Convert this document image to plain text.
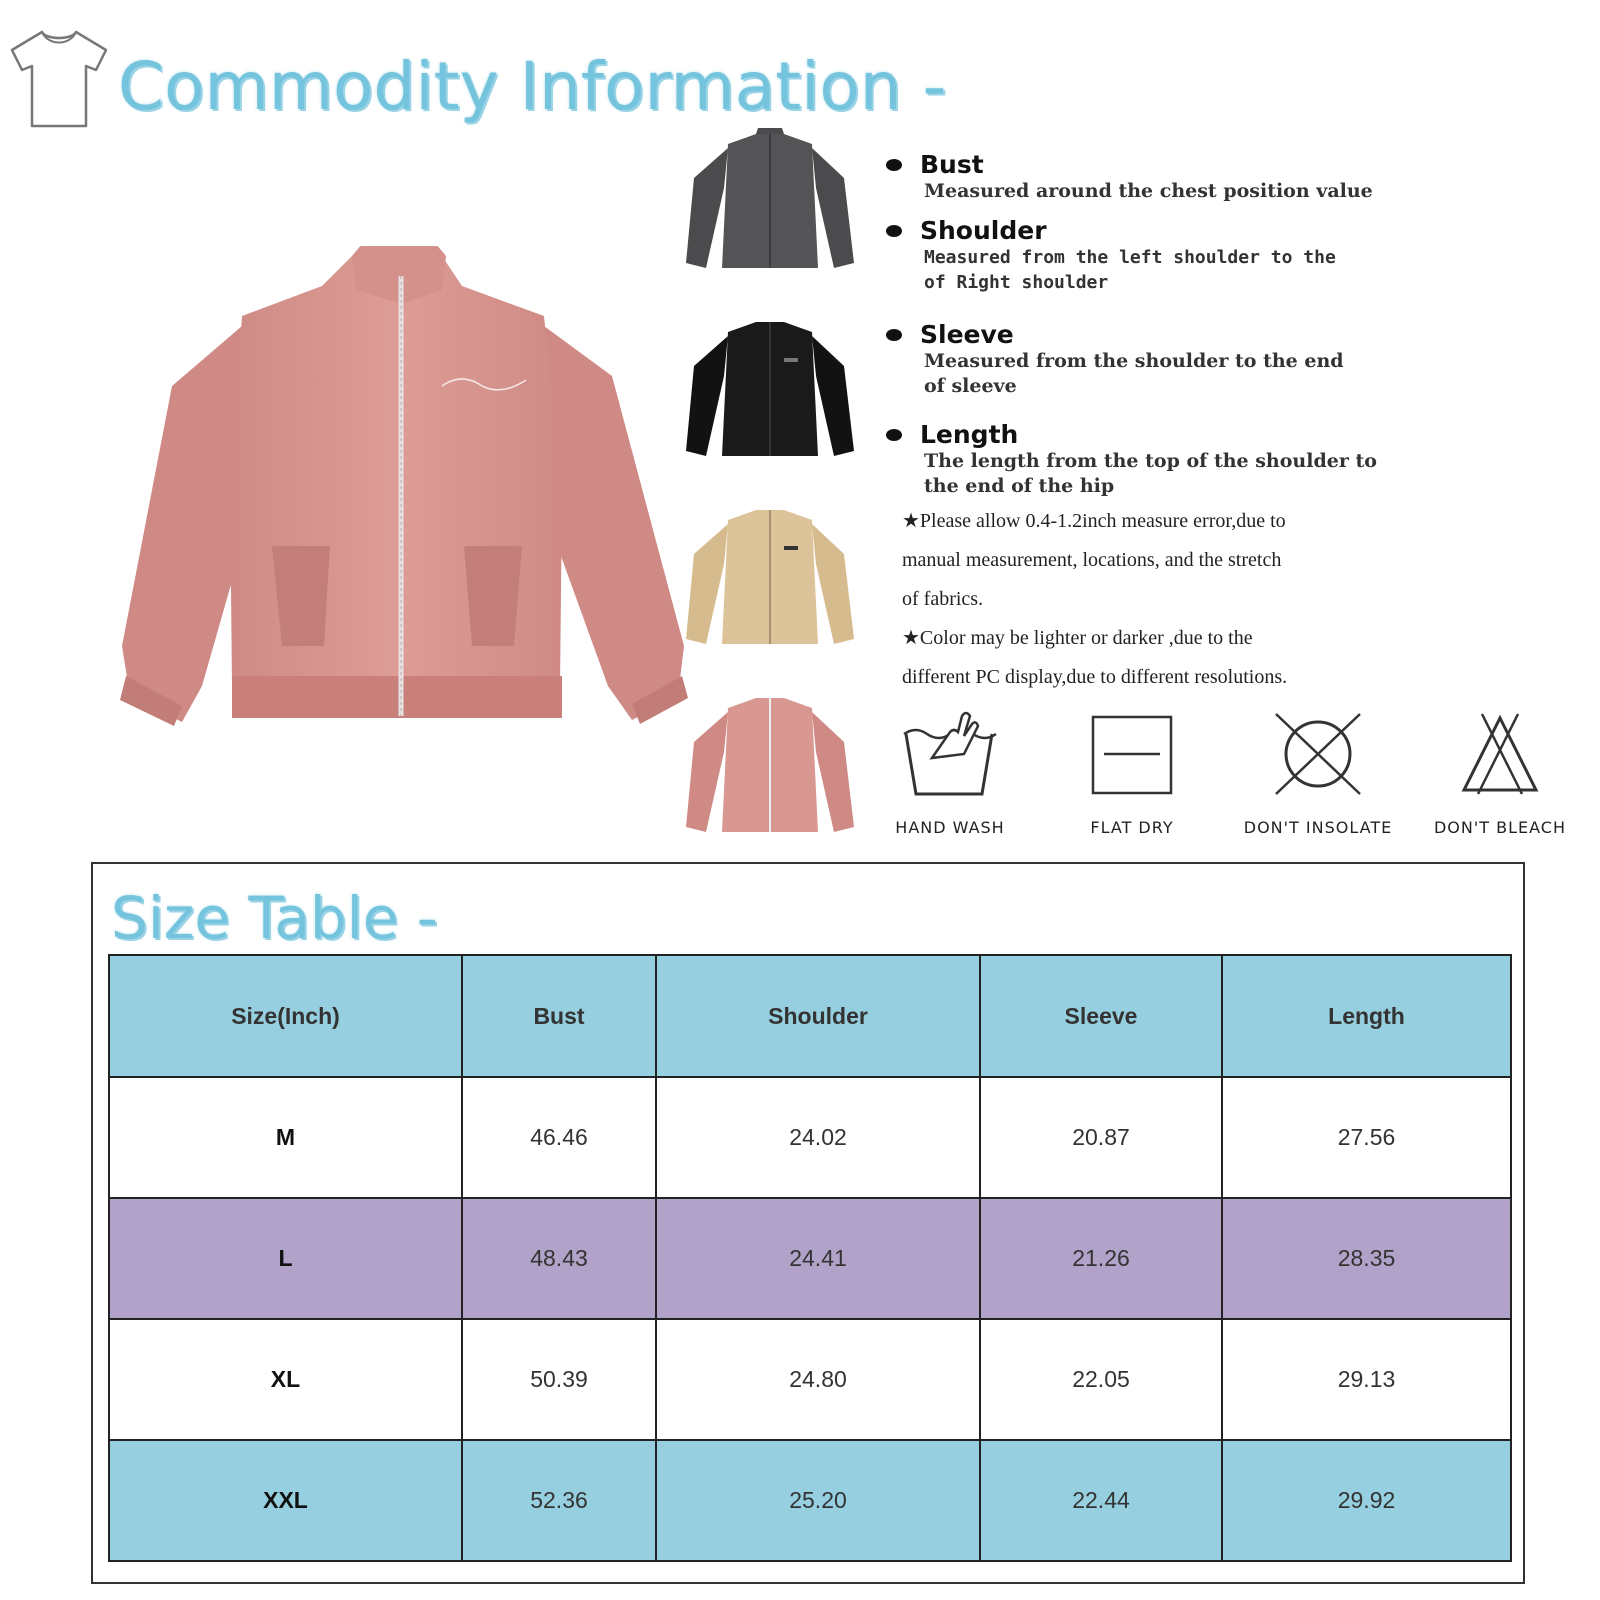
Commodity Information -
Bust
Measured around the chest position value
Shoulder
Measured from the left shoulder to the
of Right shoulder
Sleeve
Measured from the shoulder to the end
of sleeve
Length
The length from the top of the shoulder to
the end of the hip
★Please allow 0.4-1.2inch measure error,due to
manual measurement, locations, and the stretch
of fabrics.
★Color may be lighter or darker ,due to the
different PC display,due to different resolutions.
HAND WASH	FLAT DRY	DON'T INSOLATE	DON'T BLEACH
Size Table -
Size(Inch)	Bust	Shoulder	Sleeve	Length
M	46.46	24.02	20.87	27.56
L	48.43	24.41	21.26	28.35
XL	50.39	24.80	22.05	29.13
XXL	52.36	25.20	22.44	29.92
